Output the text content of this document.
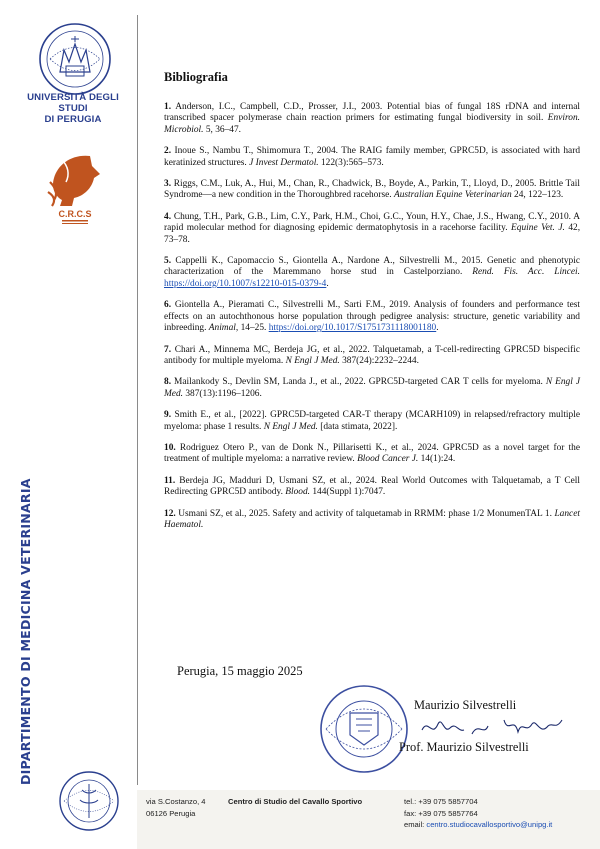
UNIVERSITÀ DEGLI STUDI
DI PERUGIA
C.R.C.S
DIPARTIMENTO DI MEDICINA VETERINARIA
Bibliografia

1. Anderson, I.C., Campbell, C.D., Prosser, J.I., 2003. Potential bias of fungal 18S rDNA and internal transcribed spacer polymerase chain reaction primers for estimating fungal biodiversity in soil. Environ. Microbiol. 5, 36–47.

2. Inoue S., Nambu T., Shimomura T., 2004. The RAIG family member, GPRC5D, is associated with hard keratinized structures. J Invest Dermatol. 122(3):565–573.

3. Riggs, C.M., Luk, A., Hui, M., Chan, R., Chadwick, B., Boyde, A., Parkin, T., Lloyd, D., 2005. Brittle Tail Syndrome—a new condition in the Thoroughbred racehorse. Australian Equine Veterinarian 24, 122–123.

4. Chung, T.H., Park, G.B., Lim, C.Y., Park, H.M., Choi, G.C., Youn, H.Y., Chae, J.S., Hwang, C.Y., 2010. A rapid molecular method for diagnosing epidemic dermatophytosis in a racehorse facility. Equine Vet. J. 42, 73–78.

5. Cappelli K., Capomaccio S., Giontella A., Nardone A., Silvestrelli M., 2015. Genetic and phenotypic characterization of the Maremmano horse stud in Castelporziano. Rend. Fis. Acc. Lincei. https://doi.org/10.1007/s12210-015-0379-4.

6. Giontella A., Pieramati C., Silvestrelli M., Sarti F.M., 2019. Analysis of founders and performance test effects on an autochthonous horse population through pedigree analysis: structure, genetic variability and inbreeding. Animal, 14–25. https://doi.org/10.1017/S1751731118001180.

7. Chari A., Minnema MC, Berdeja JG, et al., 2022. Talquetamab, a T-cell-redirecting GPRC5D bispecific antibody for multiple myeloma. N Engl J Med. 387(24):2232–2244.

8. Mailankody S., Devlin SM, Landa J., et al., 2022. GPRC5D-targeted CAR T cells for myeloma. N Engl J Med. 387(13):1196–1206.

9. Smith E., et al., [2022]. GPRC5D-targeted CAR-T therapy (MCARH109) in relapsed/refractory multiple myeloma: phase 1 results. N Engl J Med. [data stimata, 2022].

10. Rodriguez Otero P., van de Donk N., Pillarisetti K., et al., 2024. GPRC5D as a novel target for the treatment of multiple myeloma: a narrative review. Blood Cancer J. 14(1):24.

11. Berdeja JG, Madduri D, Usmani SZ, et al., 2024. Real World Outcomes with Talquetamab, a T Cell Redirecting GPRC5D antibody. Blood. 144(Suppl 1):7047.

12. Usmani SZ, et al., 2025. Safety and activity of talquetamab in RRMM: phase 1/2 MonumenTAL 1. Lancet Haematol.

Perugia, 15 maggio 2025
Maurizio Silvestrelli
Prof. Maurizio Silvestrelli
via S.Costanzo, 4
06126 Perugia
Centro di Studio del Cavallo Sportivo	tel.: +39 075 5857704
fax: +39 075 5857764
email: centro.studiocavallosportivo@unipg.it
